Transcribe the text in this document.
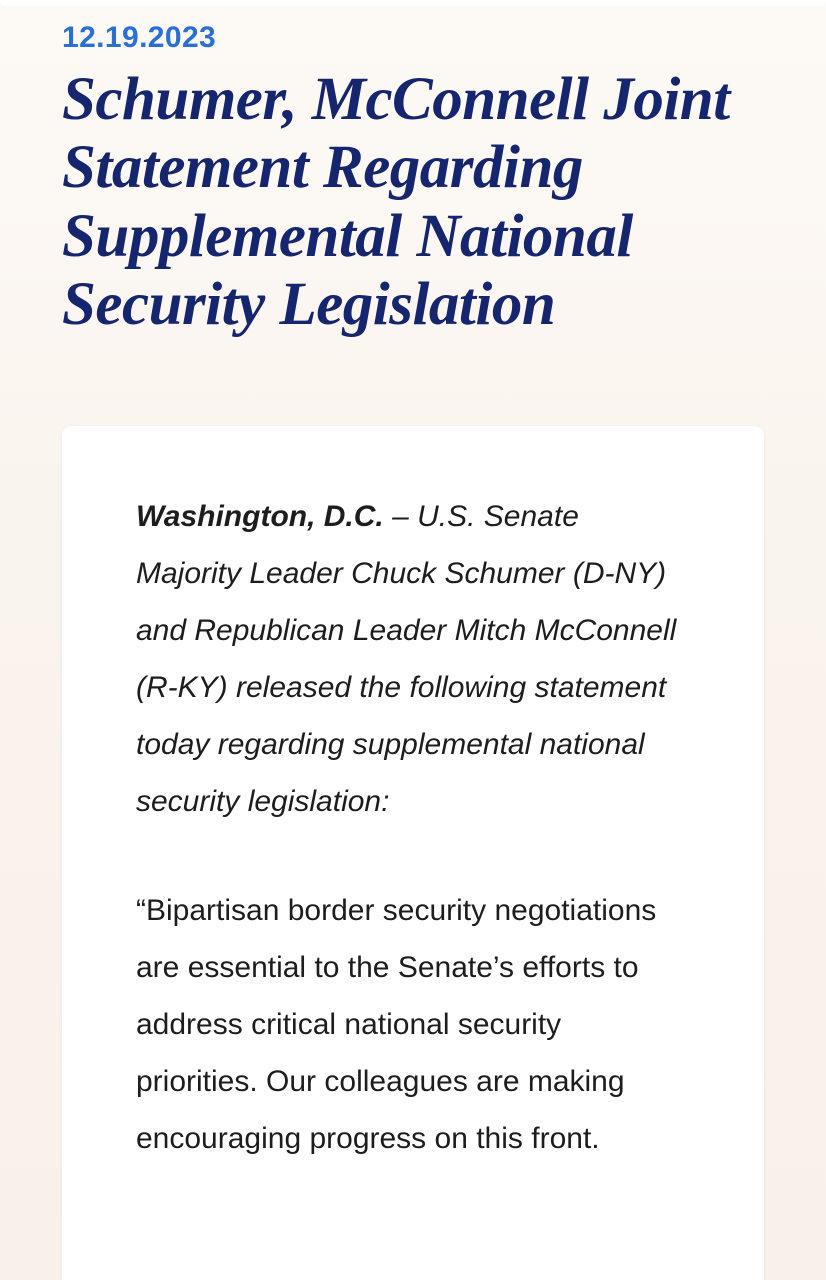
12.19.2023
Schumer, McConnell Joint Statement Regarding Supplemental National Security Legislation

Washington, D.C. – U.S. Senate Majority Leader Chuck Schumer (D-NY) and Republican Leader Mitch McConnell (R-KY) released the following statement today regarding supplemental national security legislation:

“Bipartisan border security negotiations are essential to the Senate’s efforts to address critical national security priorities. Our colleagues are making encouraging progress on this front.
